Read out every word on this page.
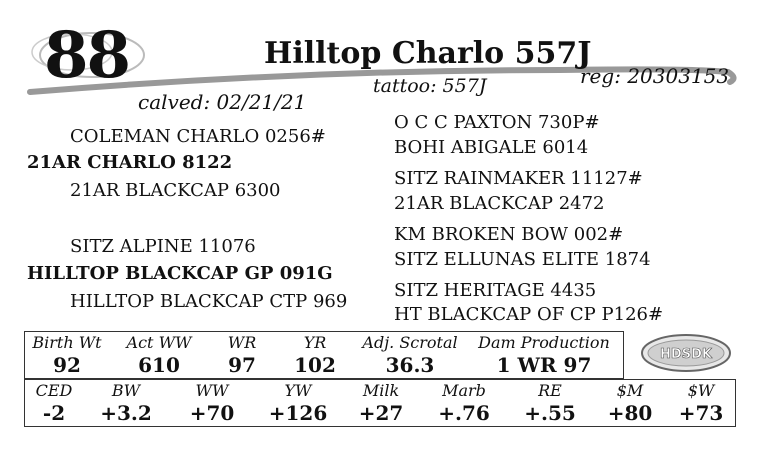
88	Hilltop Charlo 557J
reg: 20303153
tattoo: 557J
calved: 02/21/21
COLEMAN CHARLO 0256#
21AR CHARLO 8122
21AR BLACKCAP 6300
SITZ ALPINE 11076
HILLTOP BLACKCAP GP 091G
HILLTOP BLACKCAP CTP 969
O C C PAXTON 730P#
BOHI ABIGALE 6014
SITZ RAINMAKER 11127#
21AR BLACKCAP 2472
KM BROKEN BOW 002#
SITZ ELLUNAS ELITE 1874
SITZ HERITAGE 4435
HT BLACKCAP OF CP P126#
Birth Wt	Act WW	WR	YR	Adj. Scrotal	Dam Production
92	610	97	102	36.3	1 WR 97	HDSDK
CED	BW	WW	YW	Milk	Marb	RE	$M	$W
-2	+3.2	+70	+126	+27	+.76	+.55	+80	+73
